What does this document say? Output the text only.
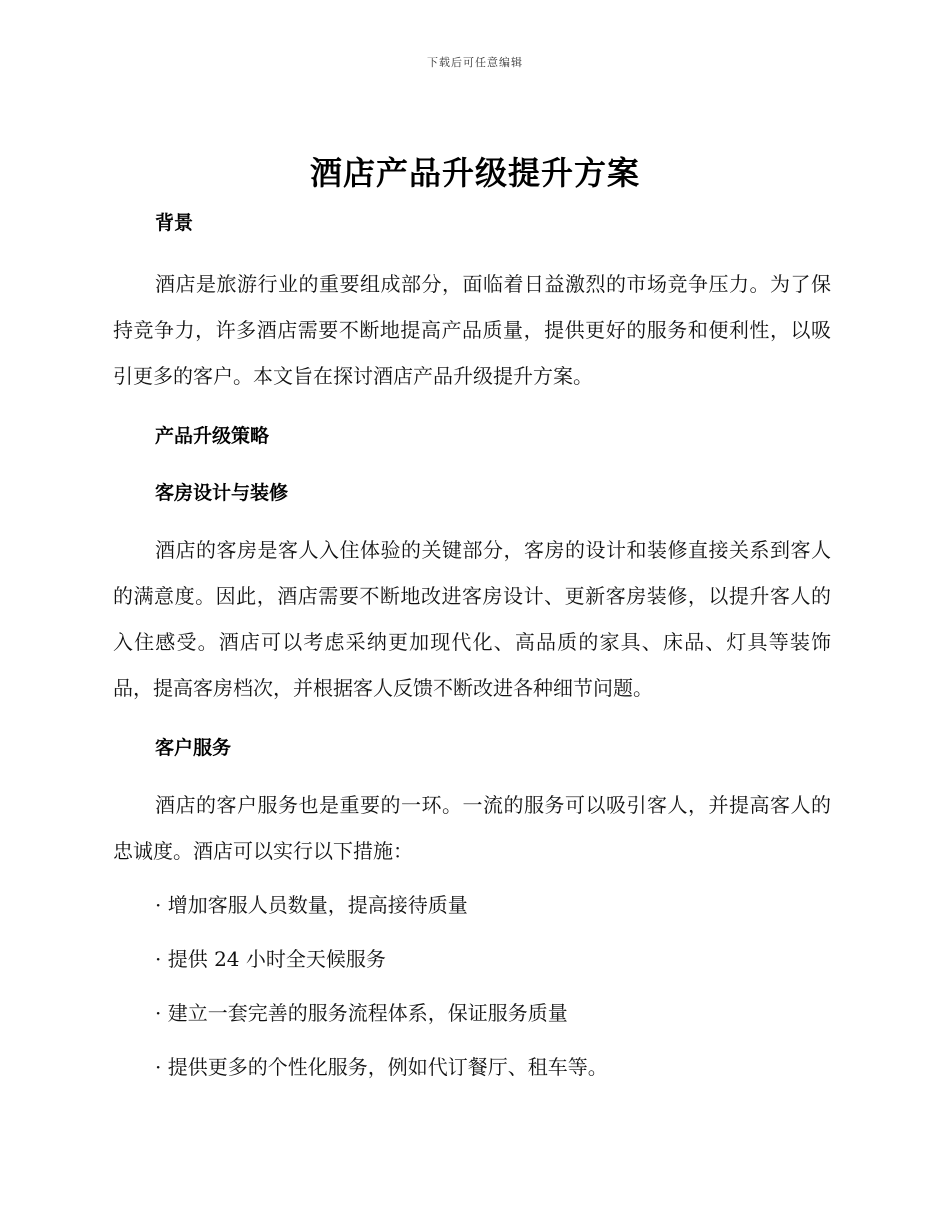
下载后可任意编辑
酒店产品升级提升方案
背景

酒店是旅游行业的重要组成部分，面临着日益激烈的市场竞争压力。为了保持竞争力，许多酒店需要不断地提高产品质量，提供更好的服务和便利性，以吸引更多的客户。本文旨在探讨酒店产品升级提升方案。

产品升级策略
客房设计与装修

酒店的客房是客人入住体验的关键部分，客房的设计和装修直接关系到客人的满意度。因此，酒店需要不断地改进客房设计、更新客房装修，以提升客人的入住感受。酒店可以考虑采纳更加现代化、高品质的家具、床品、灯具等装饰品，提高客房档次，并根据客人反馈不断改进各种细节问题。

客户服务

酒店的客户服务也是重要的一环。一流的服务可以吸引客人，并提高客人的忠诚度。酒店可以实行以下措施：

· 增加客服人员数量，提高接待质量

· 提供 24 小时全天候服务

· 建立一套完善的服务流程体系，保证服务质量

· 提供更多的个性化服务，例如代订餐厅、租车等。
